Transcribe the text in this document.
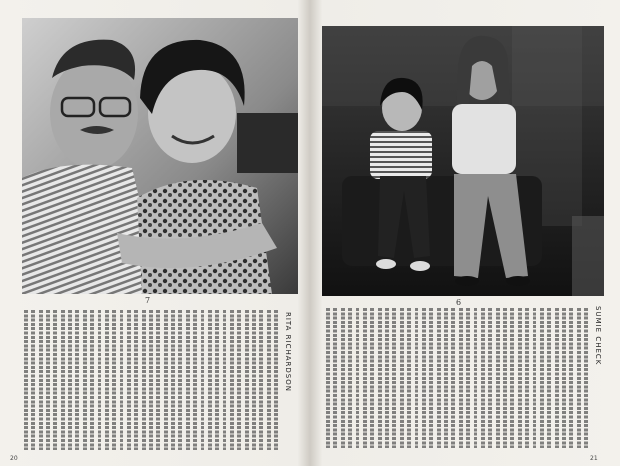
7
RITA RICHARDSON
20
6
SUMIE CHECK
21
